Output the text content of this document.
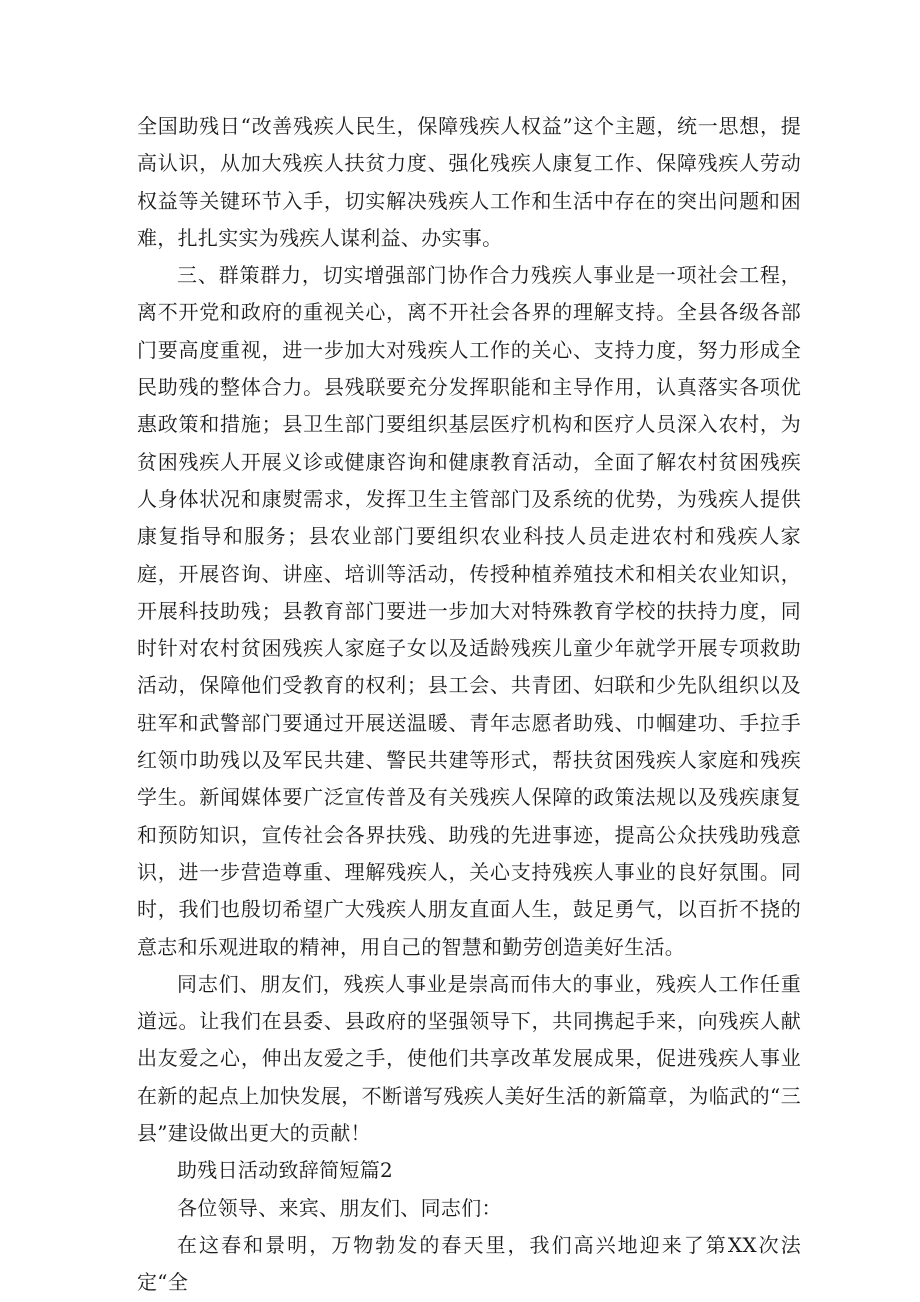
全国助残日“改善残疾人民生，保障残疾人权益”这个主题，统一思想，提高认识，从加大残疾人扶贫力度、强化残疾人康复工作、保障残疾人劳动权益等关键环节入手，切实解决残疾人工作和生活中存在的突出问题和困难，扎扎实实为残疾人谋利益、办实事。

三、群策群力，切实增强部门协作合力残疾人事业是一项社会工程，离不开党和政府的重视关心，离不开社会各界的理解支持。全县各级各部门要高度重视，进一步加大对残疾人工作的关心、支持力度，努力形成全民助残的整体合力。县残联要充分发挥职能和主导作用，认真落实各项优惠政策和措施；县卫生部门要组织基层医疗机构和医疗人员深入农村，为贫困残疾人开展义诊或健康咨询和健康教育活动，全面了解农村贫困残疾人身体状况和康熨需求，发挥卫生主管部门及系统的优势，为残疾人提供康复指导和服务；县农业部门要组织农业科技人员走进农村和残疾人家庭，开展咨询、讲座、培训等活动，传授种植养殖技术和相关农业知识，开展科技助残；县教育部门要进一步加大对特殊教育学校的扶持力度，同时针对农村贫困残疾人家庭子女以及适龄残疾儿童少年就学开展专项救助活动，保障他们受教育的权利；县工会、共青团、妇联和少先队组织以及驻军和武警部门要通过开展送温暖、青年志愿者助残、巾帼建功、手拉手红领巾助残以及军民共建、警民共建等形式，帮扶贫困残疾人家庭和残疾学生。新闻媒体要广泛宣传普及有关残疾人保障的政策法规以及残疾康复和预防知识，宣传社会各界扶残、助残的先进事迹，提高公众扶残助残意识，进一步营造尊重、理解残疾人，关心支持残疾人事业的良好氛围。同时，我们也殷切希望广大残疾人朋友直面人生，鼓足勇气，以百折不挠的意志和乐观进取的精神，用自己的智慧和勤劳创造美好生活。

同志们、朋友们，残疾人事业是崇高而伟大的事业，残疾人工作任重道远。让我们在县委、县政府的坚强领导下，共同携起手来，向残疾人献出友爱之心，伸出友爱之手，使他们共享改革发展成果，促进残疾人事业在新的起点上加快发展，不断谱写残疾人美好生活的新篇章，为临武的“三县”建设做出更大的贡献！

助残日活动致辞简短篇2

各位领导、来宾、朋友们、同志们：

在这春和景明，万物勃发的春天里，我们高兴地迎来了第XX次法定“全
